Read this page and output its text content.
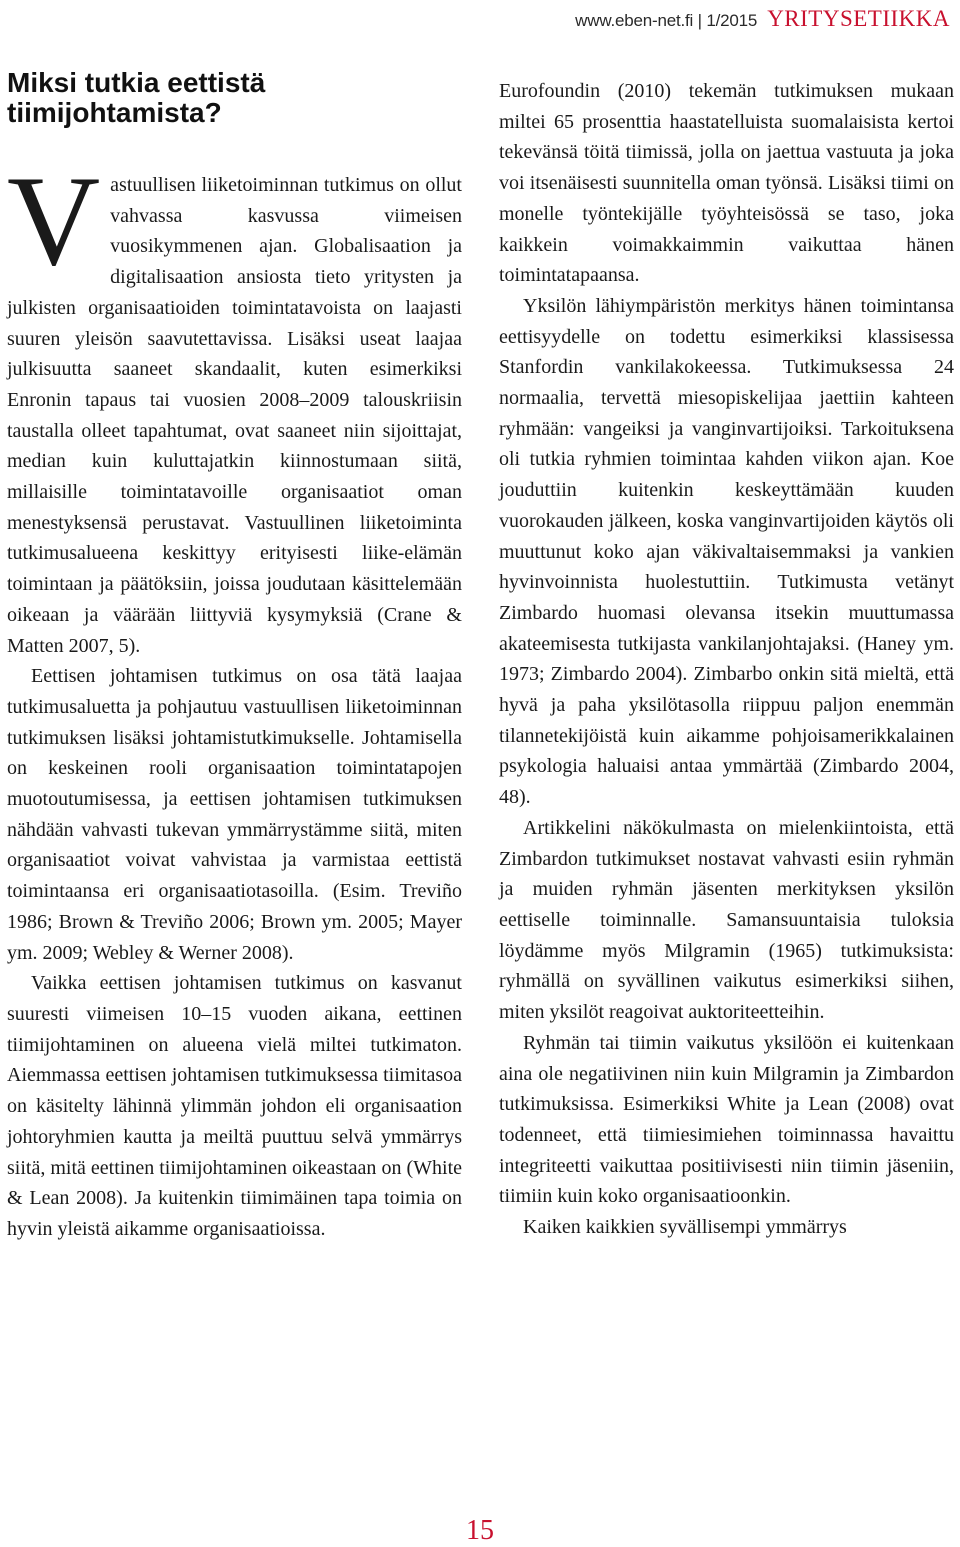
www.eben-net.fi | 1/2015 YRITYSETIIKKA
Miksi tutkia eettistä tiimijohtamista?
V astuullisen liiketoiminnan tutkimus on ollut vahvassa kasvussa viimeisen vuosikymmenen ajan. Globalisaation ja digitalisaation ansiosta tieto yritysten ja julkisten organisaatioiden toimintatavoista on laajasti suuren yleisön saavutettavissa. Lisäksi useat laajaa julkisuutta saaneet skandaalit, kuten esimerkiksi Enronin tapaus tai vuosien 2008–2009 talouskriisin taustalla olleet tapahtumat, ovat saaneet niin sijoittajat, median kuin kuluttajatkin kiinnostumaan siitä, millaisille toimintatavoille organisaatiot oman menestyksensä perustavat. Vastuullinen liiketoiminta tutkimusalueena keskittyy erityisesti liike-elämän toimintaan ja päätöksiin, joissa joudutaan käsittelemään oikeaan ja väärään liittyviä kysymyksiä (Crane & Matten 2007, 5).

Eettisen johtamisen tutkimus on osa tätä laajaa tutkimusaluetta ja pohjautuu vastuullisen liiketoiminnan tutkimuksen lisäksi johtamistutkimukselle. Johtamisella on keskeinen rooli organisaation toimintatapojen muotoutumisessa, ja eettisen johtamisen tutkimuksen nähdään vahvasti tukevan ymmärrystämme siitä, miten organisaatiot voivat vahvistaa ja varmistaa eettistä toimintaansa eri organisaatiotasoilla. (Esim. Treviño 1986; Brown & Treviño 2006; Brown ym. 2005; Mayer ym. 2009; Webley & Werner 2008).

Vaikka eettisen johtamisen tutkimus on kasvanut suuresti viimeisen 10–15 vuoden aikana, eettinen tiimijohtaminen on alueena vielä miltei tutkimaton. Aiemmassa eettisen johtamisen tutkimuksessa tiimitasoa on käsitelty lähinnä ylimmän johdon eli organisaation johtoryhmien kautta ja meiltä puuttuu selvä ymmärrys siitä, mitä eettinen tiimijohtaminen oikeastaan on (White & Lean 2008). Ja kuitenkin tiimimäinen tapa toimia on hyvin yleistä aikamme organisaatioissa.

Eurofoundin (2010) tekemän tutkimuksen mukaan miltei 65 prosenttia haastatelluista suomalaisista kertoi tekevänsä töitä tiimissä, jolla on jaettua vastuuta ja joka voi itsenäisesti suunnitella oman työnsä. Lisäksi tiimi on monelle työntekijälle työyhteisössä se taso, joka kaikkein voimakkaimmin vaikuttaa hänen toimintatapaansa.

Yksilön lähiympäristön merkitys hänen toimintansa eettisyydelle on todettu esimerkiksi klassisessa Stanfordin vankilakokeessa. Tutkimuksessa 24 normaalia, tervettä miesopiskelijaa jaettiin kahteen ryhmään: vangeiksi ja vanginvartijoiksi. Tarkoituksena oli tutkia ryhmien toimintaa kahden viikon ajan. Koe jouduttiin kuitenkin keskeyttämään kuuden vuorokauden jälkeen, koska vanginvartijoiden käytös oli muuttunut koko ajan väkivaltaisemmaksi ja vankien hyvinvoinnista huolestuttiin. Tutkimusta vetänyt Zimbardo huomasi olevansa itsekin muuttumassa akateemisesta tutkijasta vankilanjohtajaksi. (Haney ym. 1973; Zimbardo 2004). Zimbarbo onkin sitä mieltä, että hyvä ja paha yksilötasolla riippuu paljon enemmän tilannetekijöistä kuin aikamme pohjoisamerikkalainen psykologia haluaisi antaa ymmärtää (Zimbardo 2004, 48).

Artikkelini näkökulmasta on mielenkiintoista, että Zimbardon tutkimukset nostavat vahvasti esiin ryhmän ja muiden ryhmän jäsenten merkityksen yksilön eettiselle toiminnalle. Samansuuntaisia tuloksia löydämme myös Milgramin (1965) tutkimuksista: ryhmällä on syvällinen vaikutus esimerkiksi siihen, miten yksilöt reagoivat auktoriteetteihin.

Ryhmän tai tiimin vaikutus yksilöön ei kuitenkaan aina ole negatiivinen niin kuin Milgramin ja Zimbardon tutkimuksissa. Esimerkiksi White ja Lean (2008) ovat todenneet, että tiimiesimiehen toiminnassa havaittu integriteetti vaikuttaa positiivisesti niin tiimin jäseniin, tiimiin kuin koko organisaatioonkin.

Kaiken kaikkien syvällisempi ymmärrys

15
